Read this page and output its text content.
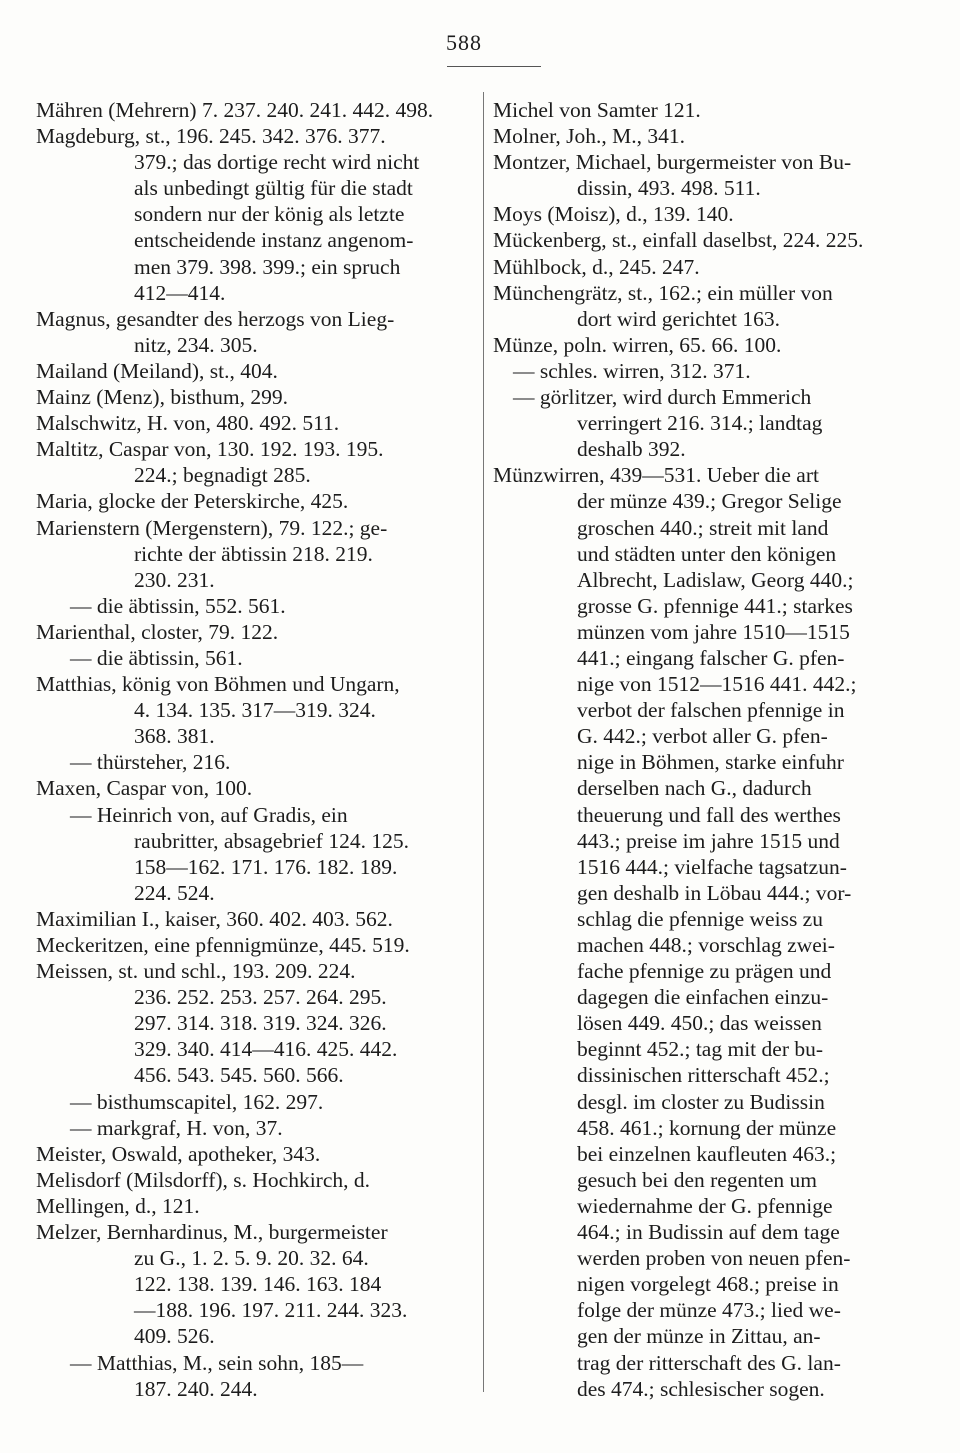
588
Mähren (Mehrern) 7. 237. 240. 241. 442. 498.
Magdeburg, st., 196. 245. 342. 376. 377.
379.; das dortige recht wird nicht
als unbedingt gültig für die stadt
sondern nur der könig als letzte
entscheidende instanz angenom-
men 379. 398. 399.; ein spruch
412—414.
Magnus, gesandter des herzogs von Lieg-
nitz, 234. 305.
Mailand (Meiland), st., 404.
Mainz (Menz), bisthum, 299.
Malschwitz, H. von, 480. 492. 511.
Maltitz, Caspar von, 130. 192. 193. 195.
224.; begnadigt 285.
Maria, glocke der Peterskirche, 425.
Marienstern (Mergenstern), 79. 122.; ge-
richte der äbtissin 218. 219.
230. 231.
— die äbtissin, 552. 561.
Marienthal, closter, 79. 122.
— die äbtissin, 561.
Matthias, könig von Böhmen und Ungarn,
4. 134. 135. 317—319. 324.
368. 381.
— thürsteher, 216.
Maxen, Caspar von, 100.
— Heinrich von, auf Gradis, ein
raubritter, absagebrief 124. 125.
158—162. 171. 176. 182. 189.
224. 524.
Maximilian I., kaiser, 360. 402. 403. 562.
Meckeritzen, eine pfennigmünze, 445. 519.
Meissen, st. und schl., 193. 209. 224.
236. 252. 253. 257. 264. 295.
297. 314. 318. 319. 324. 326.
329. 340. 414—416. 425. 442.
456. 543. 545. 560. 566.
— bisthumscapitel, 162. 297.
— markgraf, H. von, 37.
Meister, Oswald, apotheker, 343.
Melisdorf (Milsdorff), s. Hochkirch, d.
Mellingen, d., 121.
Melzer, Bernhardinus, M., burgermeister
zu G., 1. 2. 5. 9. 20. 32. 64.
122. 138. 139. 146. 163. 184
—188. 196. 197. 211. 244. 323.
409. 526.
— Matthias, M., sein sohn, 185—
187. 240. 244.
Michel von Samter 121.
Molner, Joh., M., 341.
Montzer, Michael, burgermeister von Bu-
dissin, 493. 498. 511.
Moys (Moisz), d., 139. 140.
Mückenberg, st., einfall daselbst, 224. 225.
Mühlbock, d., 245. 247.
Münchengrätz, st., 162.; ein müller von
dort wird gerichtet 163.
Münze, poln. wirren, 65. 66. 100.
— schles. wirren, 312. 371.
— görlitzer, wird durch Emmerich
verringert 216. 314.; landtag
deshalb 392.
Münzwirren, 439—531. Ueber die art
der münze 439.; Gregor Selige
groschen 440.; streit mit land
und städten unter den königen
Albrecht, Ladislaw, Georg 440.;
grosse G. pfennige 441.; starkes
münzen vom jahre 1510—1515
441.; eingang falscher G. pfen-
nige von 1512—1516 441. 442.;
verbot der falschen pfennige in
G. 442.; verbot aller G. pfen-
nige in Böhmen, starke einfuhr
derselben nach G., dadurch
theuerung und fall des werthes
443.; preise im jahre 1515 und
1516 444.; vielfache tagsatzun-
gen deshalb in Löbau 444.; vor-
schlag die pfennige weiss zu
machen 448.; vorschlag zwei-
fache pfennige zu prägen und
dagegen die einfachen einzu-
lösen 449. 450.; das weissen
beginnt 452.; tag mit der bu-
dissinischen ritterschaft 452.;
desgl. im closter zu Budissin
458. 461.; kornung der münze
bei einzelnen kaufleuten 463.;
gesuch bei den regenten um
wiedernahme der G. pfennige
464.; in Budissin auf dem tage
werden proben von neuen pfen-
nigen vorgelegt 468.; preise in
folge der münze 473.; lied we-
gen der münze in Zittau, an-
trag der ritterschaft des G. lan-
des 474.; schlesischer sogen.
